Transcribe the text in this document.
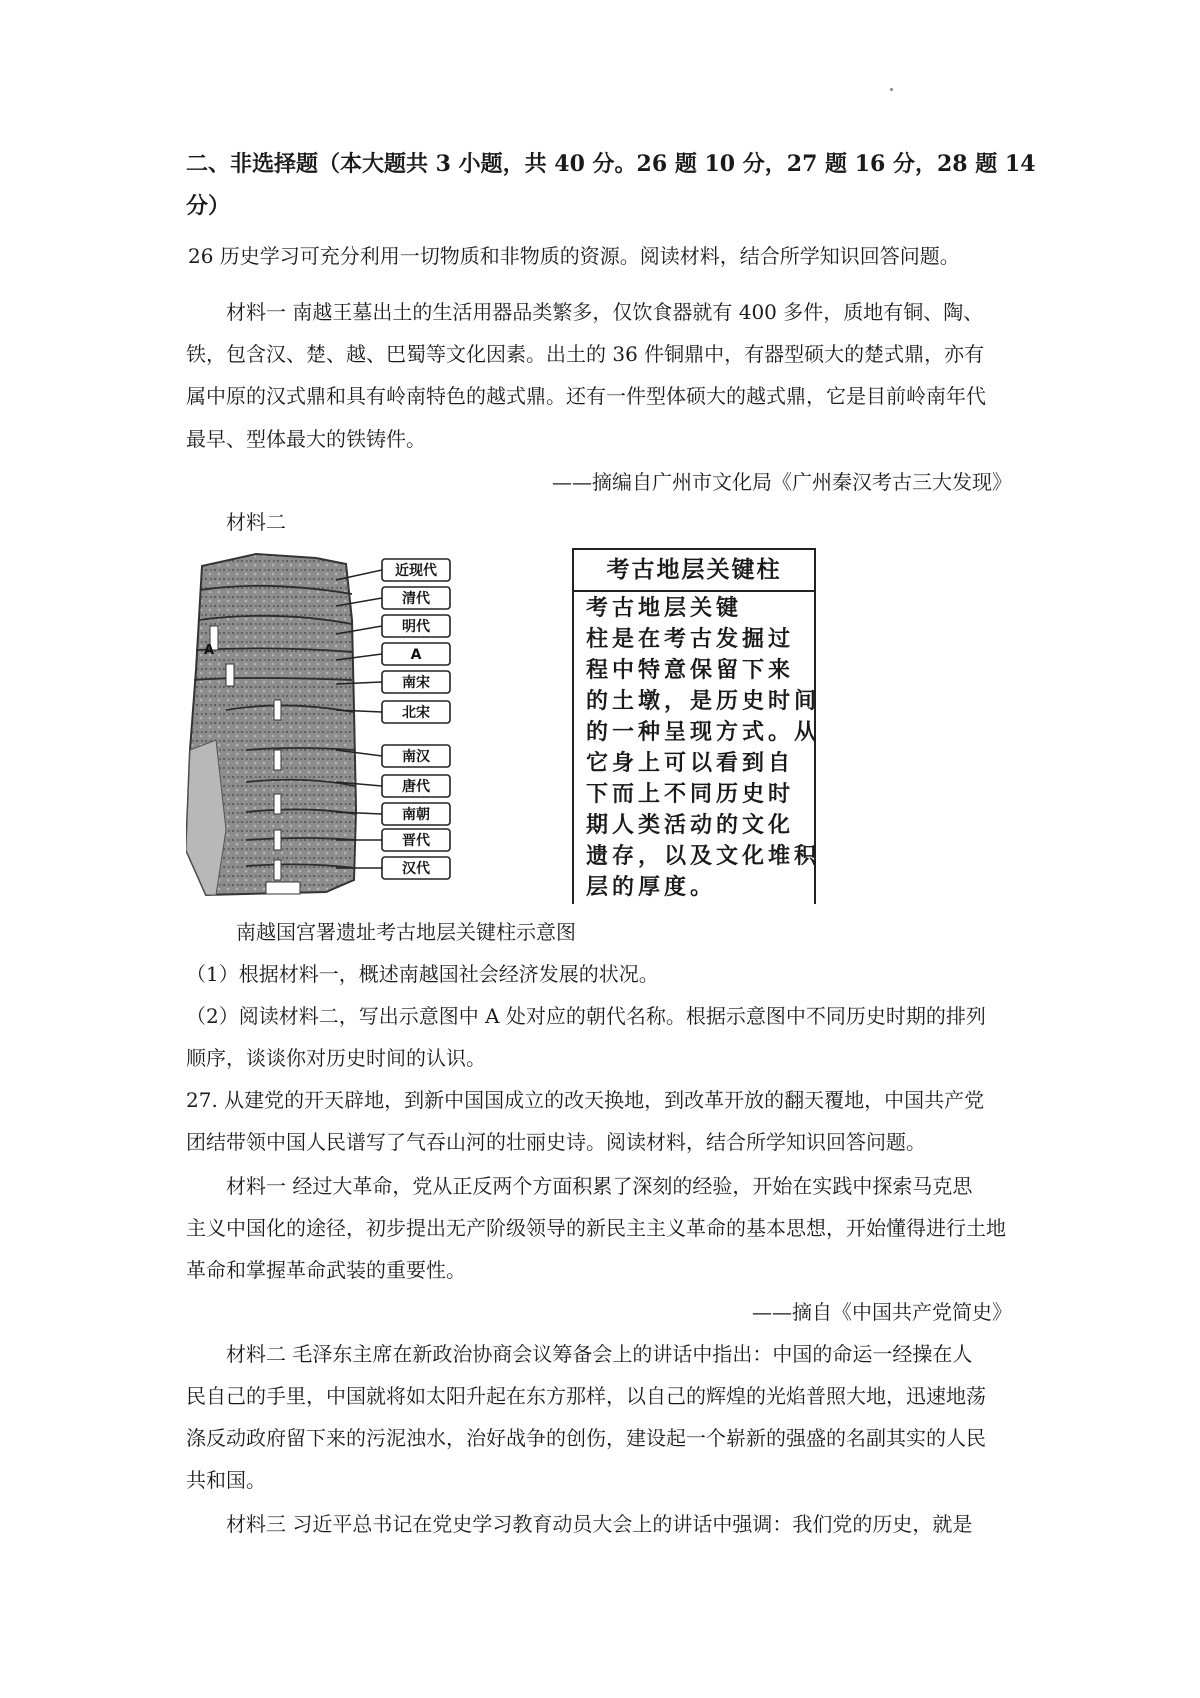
二、非选择题（本大题共 3 小题，共 40 分。26 题 10 分，27 题 16 分，28 题 14
分）
26 历史学习可充分利用一切物质和非物质的资源。阅读材料，结合所学知识回答问题。
材料一 南越王墓出土的生活用器品类繁多，仅饮食器就有 400 多件，质地有铜、陶、
铁，包含汉、楚、越、巴蜀等文化因素。出土的 36 件铜鼎中，有器型硕大的楚式鼎，亦有
属中原的汉式鼎和具有岭南特色的越式鼎。还有一件型体硕大的越式鼎，它是目前岭南年代
最早、型体最大的铁铸件。
——摘编自广州市文化局《广州秦汉考古三大发现》
材料二
A
近现代
清代
明代
A
南宋
北宋
南汉
唐代
南朝
晋代
汉代
考古地层关键柱
考古地层关键
柱是在考古发掘过
程中特意保留下来
的土墩，是历史时间
的一种呈现方式。从
它身上可以看到自
下而上不同历史时
期人类活动的文化
遗存，以及文化堆积
层的厚度。
南越国宫署遗址考古地层关键柱示意图
（1）根据材料一，概述南越国社会经济发展的状况。
（2）阅读材料二，写出示意图中 A 处对应的朝代名称。根据示意图中不同历史时期的排列
顺序，谈谈你对历史时间的认识。
27. 从建党的开天辟地，到新中国国成立的改天换地，到改革开放的翻天覆地，中国共产党
团结带领中国人民谱写了气吞山河的壮丽史诗。阅读材料，结合所学知识回答问题。
材料一 经过大革命，党从正反两个方面积累了深刻的经验，开始在实践中探索马克思
主义中国化的途径，初步提出无产阶级领导的新民主主义革命的基本思想，开始懂得进行土地
革命和掌握革命武装的重要性。
——摘自《中国共产党简史》
材料二 毛泽东主席在新政治协商会议筹备会上的讲话中指出：中国的命运一经操在人
民自己的手里，中国就将如太阳升起在东方那样，以自己的辉煌的光焰普照大地，迅速地荡
涤反动政府留下来的污泥浊水，治好战争的创伤，建设起一个崭新的强盛的名副其实的人民
共和国。
材料三 习近平总书记在党史学习教育动员大会上的讲话中强调：我们党的历史，就是
